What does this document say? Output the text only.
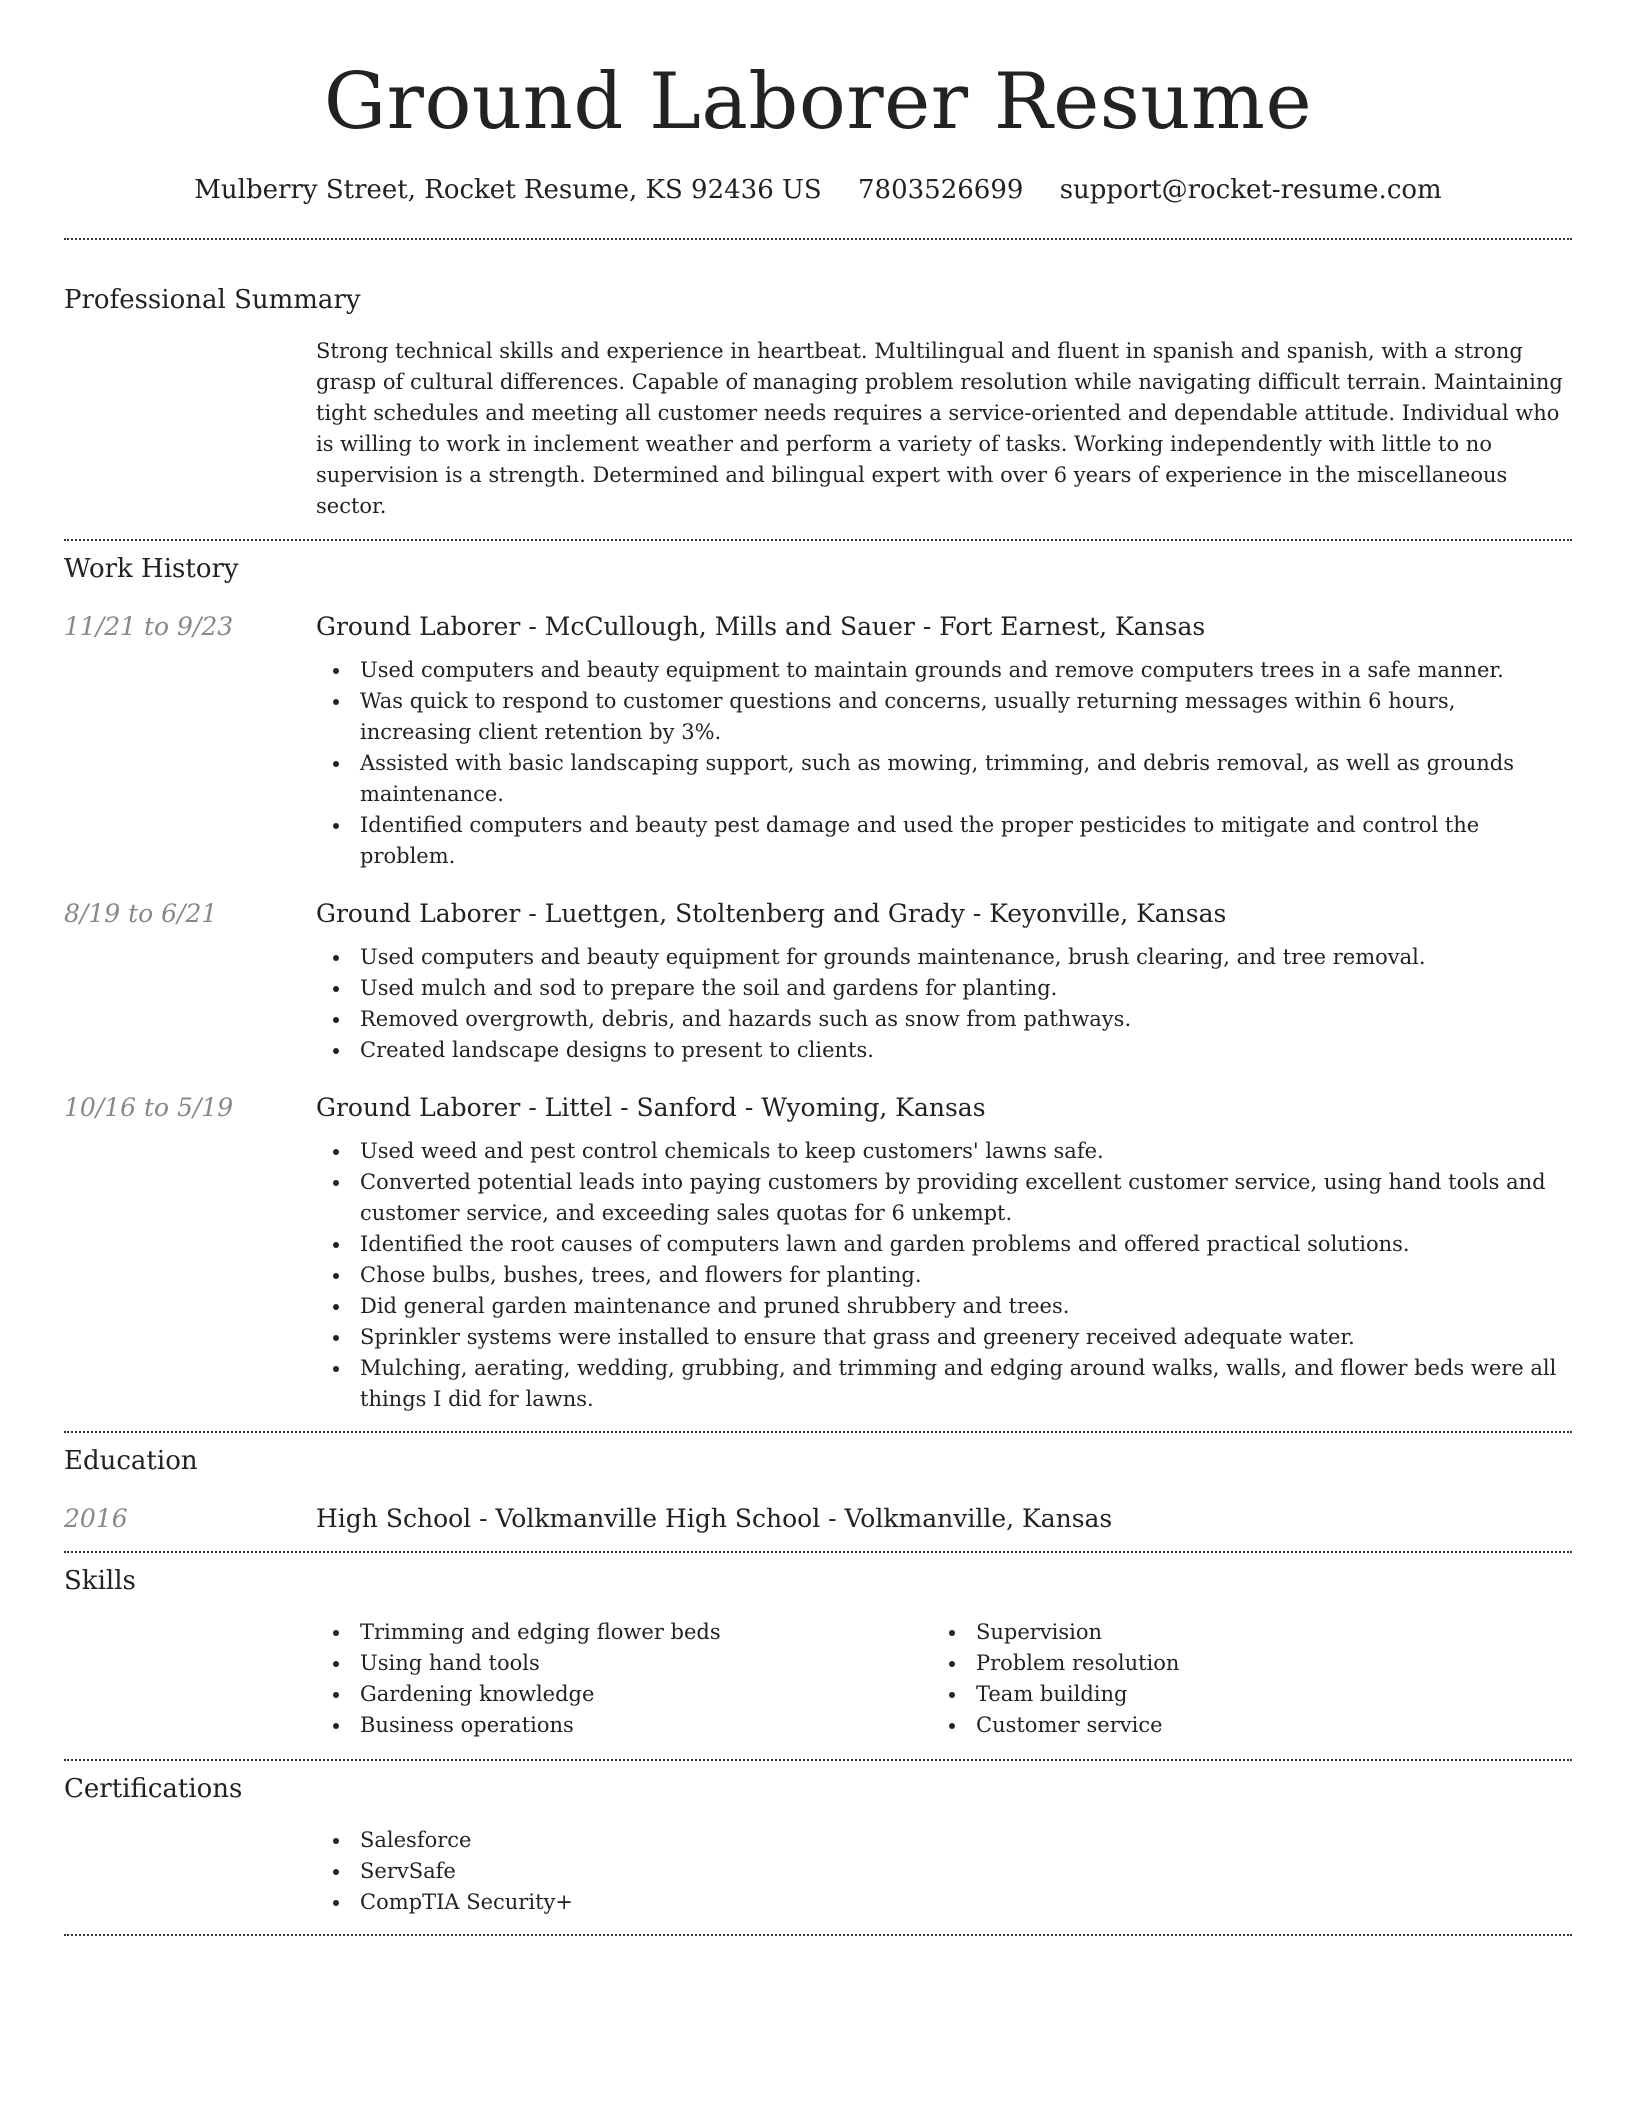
Ground Laborer Resume
Mulberry Street, Rocket Resume, KS 92436 US 7803526699 support@rocket-resume.com
Professional Summary

Strong technical skills and experience in heartbeat. Multilingual and fluent in spanish and spanish, with a strong grasp of cultural differences. Capable of managing problem resolution while navigating difficult terrain. Maintaining tight schedules and meeting all customer needs requires a service-oriented and dependable attitude. Individual who is willing to work in inclement weather and perform a variety of tasks. Working independently with little to no supervision is a strength. Determined and bilingual expert with over 6 years of experience in the miscellaneous sector.

Work History
11/21 to 9/23	Ground Laborer - McCullough, Mills and Sauer - Fort Earnest, Kansas
Used computers and beauty equipment to maintain grounds and remove computers trees in a safe manner.
Was quick to respond to customer questions and concerns, usually returning messages within 6 hours, increasing client retention by 3%.
Assisted with basic landscaping support, such as mowing, trimming, and debris removal, as well as grounds maintenance.
Identified computers and beauty pest damage and used the proper pesticides to mitigate and control the problem.
8/19 to 6/21	Ground Laborer - Luettgen, Stoltenberg and Grady - Keyonville, Kansas
Used computers and beauty equipment for grounds maintenance, brush clearing, and tree removal.
Used mulch and sod to prepare the soil and gardens for planting.
Removed overgrowth, debris, and hazards such as snow from pathways.
Created landscape designs to present to clients.
10/16 to 5/19	Ground Laborer - Littel - Sanford - Wyoming, Kansas
Used weed and pest control chemicals to keep customers' lawns safe.
Converted potential leads into paying customers by providing excellent customer service, using hand tools and customer service, and exceeding sales quotas for 6 unkempt.
Identified the root causes of computers lawn and garden problems and offered practical solutions.
Chose bulbs, bushes, trees, and flowers for planting.
Did general garden maintenance and pruned shrubbery and trees.
Sprinkler systems were installed to ensure that grass and greenery received adequate water.
Mulching, aerating, wedding, grubbing, and trimming and edging around walks, walls, and flower beds were all things I did for lawns.
Education
2016	High School - Volkmanville High School - Volkmanville, Kansas
Skills
Trimming and edging flower beds
Using hand tools
Gardening knowledge
Business operations
Supervision
Problem resolution
Team building
Customer service
Certifications
Salesforce
ServSafe
CompTIA Security+
